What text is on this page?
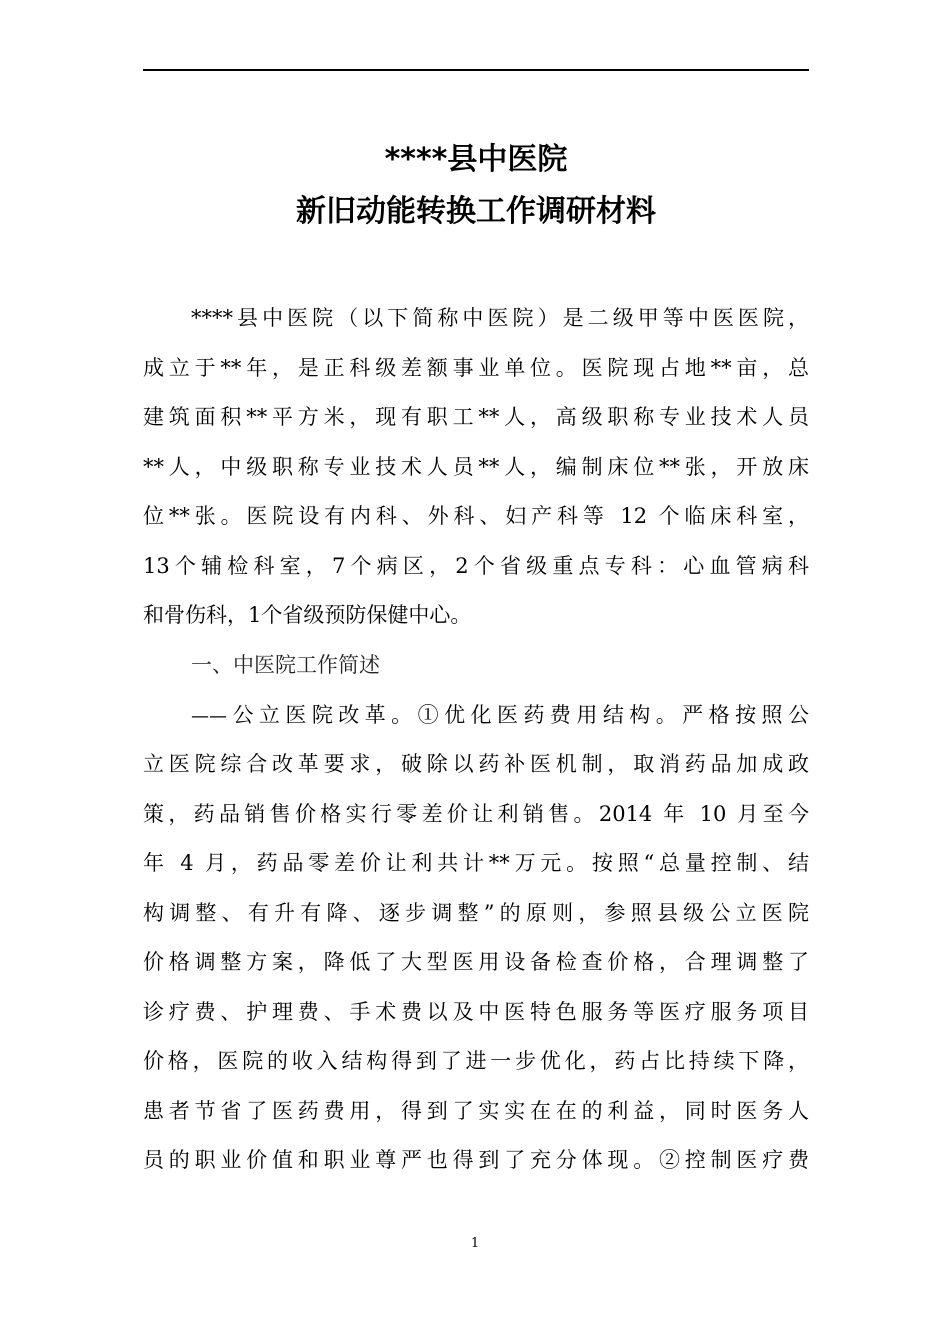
****县中医院
新旧动能转换工作调研材料

****县中医院（以下简称中医院）是二级甲等中医医院，

成立于**年，是正科级差额事业单位。医院现占地**亩，总

建筑面积**平方米，现有职工**人，高级职称专业技术人员

**人，中级职称专业技术人员**人，编制床位**张，开放床

位**张。医院设有内科、外科、妇产科等 12 个临床科室，

13个辅检科室，7个病区，2个省级重点专科：心血管病科

和骨伤科，1个省级预防保健中心。

一、中医院工作简述

——公立医院改革。①优化医药费用结构。严格按照公

立医院综合改革要求，破除以药补医机制，取消药品加成政

策，药品销售价格实行零差价让利销售。2014 年 10 月至今

年 4 月，药品零差价让利共计**万元。按照“总量控制、结

构调整、有升有降、逐步调整”的原则，参照县级公立医院

价格调整方案，降低了大型医用设备检查价格，合理调整了

诊疗费、护理费、手术费以及中医特色服务等医疗服务项目

价格，医院的收入结构得到了进一步优化，药占比持续下降，

患者节省了医药费用，得到了实实在在的利益，同时医务人

员的职业价值和职业尊严也得到了充分体现。②控制医疗费

1
